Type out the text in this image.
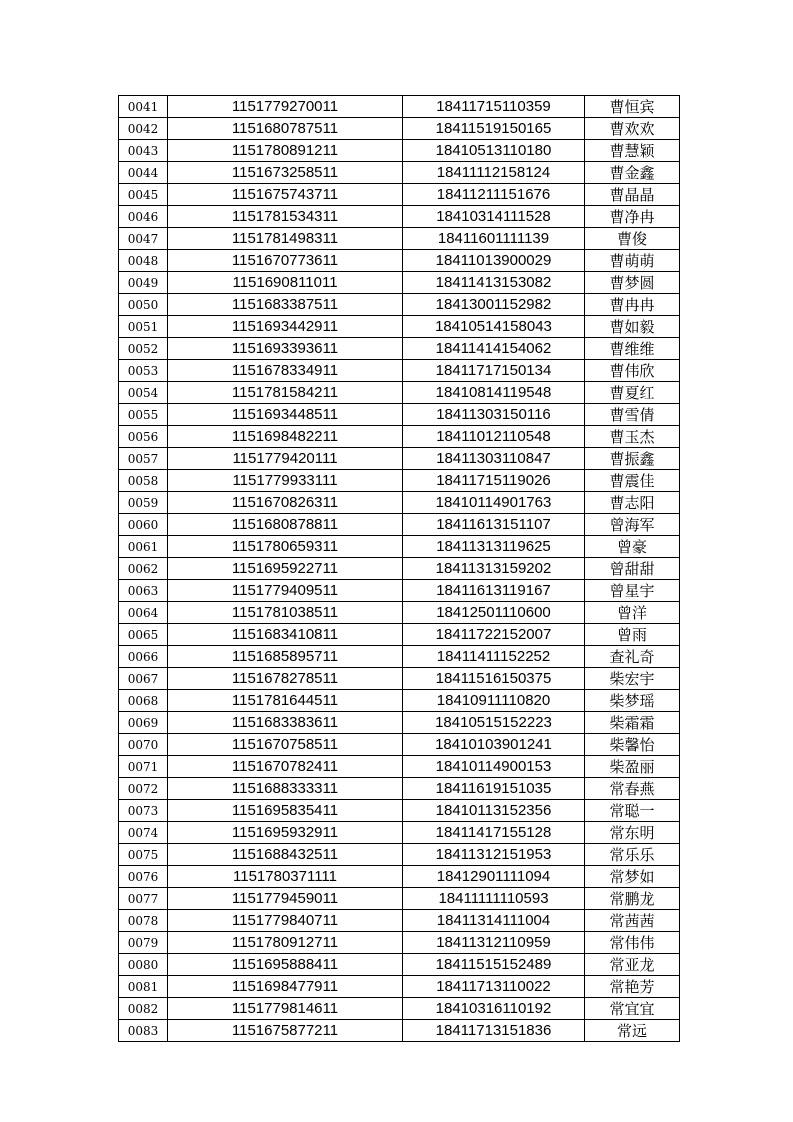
0041	1151779270011	18411715110359	曹恒宾
0042	1151680787511	18411519150165	曹欢欢
0043	1151780891211	18410513110180	曹慧颖
0044	1151673258511	18411112158124	曹金鑫
0045	1151675743711	18411211151676	曹晶晶
0046	1151781534311	18410314111528	曹净冉
0047	1151781498311	18411601111139	曹俊
0048	1151670773611	18411013900029	曹萌萌
0049	1151690811011	18411413153082	曹梦圆
0050	1151683387511	18413001152982	曹冉冉
0051	1151693442911	18410514158043	曹如毅
0052	1151693393611	18411414154062	曹维维
0053	1151678334911	18411717150134	曹伟欣
0054	1151781584211	18410814119548	曹夏红
0055	1151693448511	18411303150116	曹雪倩
0056	1151698482211	18411012110548	曹玉杰
0057	1151779420111	18411303110847	曹振鑫
0058	1151779933111	18411715119026	曹震佳
0059	1151670826311	18410114901763	曹志阳
0060	1151680878811	18411613151107	曾海军
0061	1151780659311	18411313119625	曾豪
0062	1151695922711	18411313159202	曾甜甜
0063	1151779409511	18411613119167	曾星宇
0064	1151781038511	18412501110600	曾洋
0065	1151683410811	18411722152007	曾雨
0066	1151685895711	18411411152252	查礼奇
0067	1151678278511	18411516150375	柴宏宇
0068	1151781644511	18410911110820	柴梦瑶
0069	1151683383611	18410515152223	柴霜霜
0070	1151670758511	18410103901241	柴馨怡
0071	1151670782411	18410114900153	柴盈丽
0072	1151688333311	18411619151035	常春燕
0073	1151695835411	18410113152356	常聪一
0074	1151695932911	18411417155128	常东明
0075	1151688432511	18411312151953	常乐乐
0076	1151780371111	18412901111094	常梦如
0077	1151779459011	18411111110593	常鹏龙
0078	1151779840711	18411314111004	常茜茜
0079	1151780912711	18411312110959	常伟伟
0080	1151695888411	18411515152489	常亚龙
0081	1151698477911	18411713110022	常艳芳
0082	1151779814611	18410316110192	常宜宜
0083	1151675877211	18411713151836	常远
